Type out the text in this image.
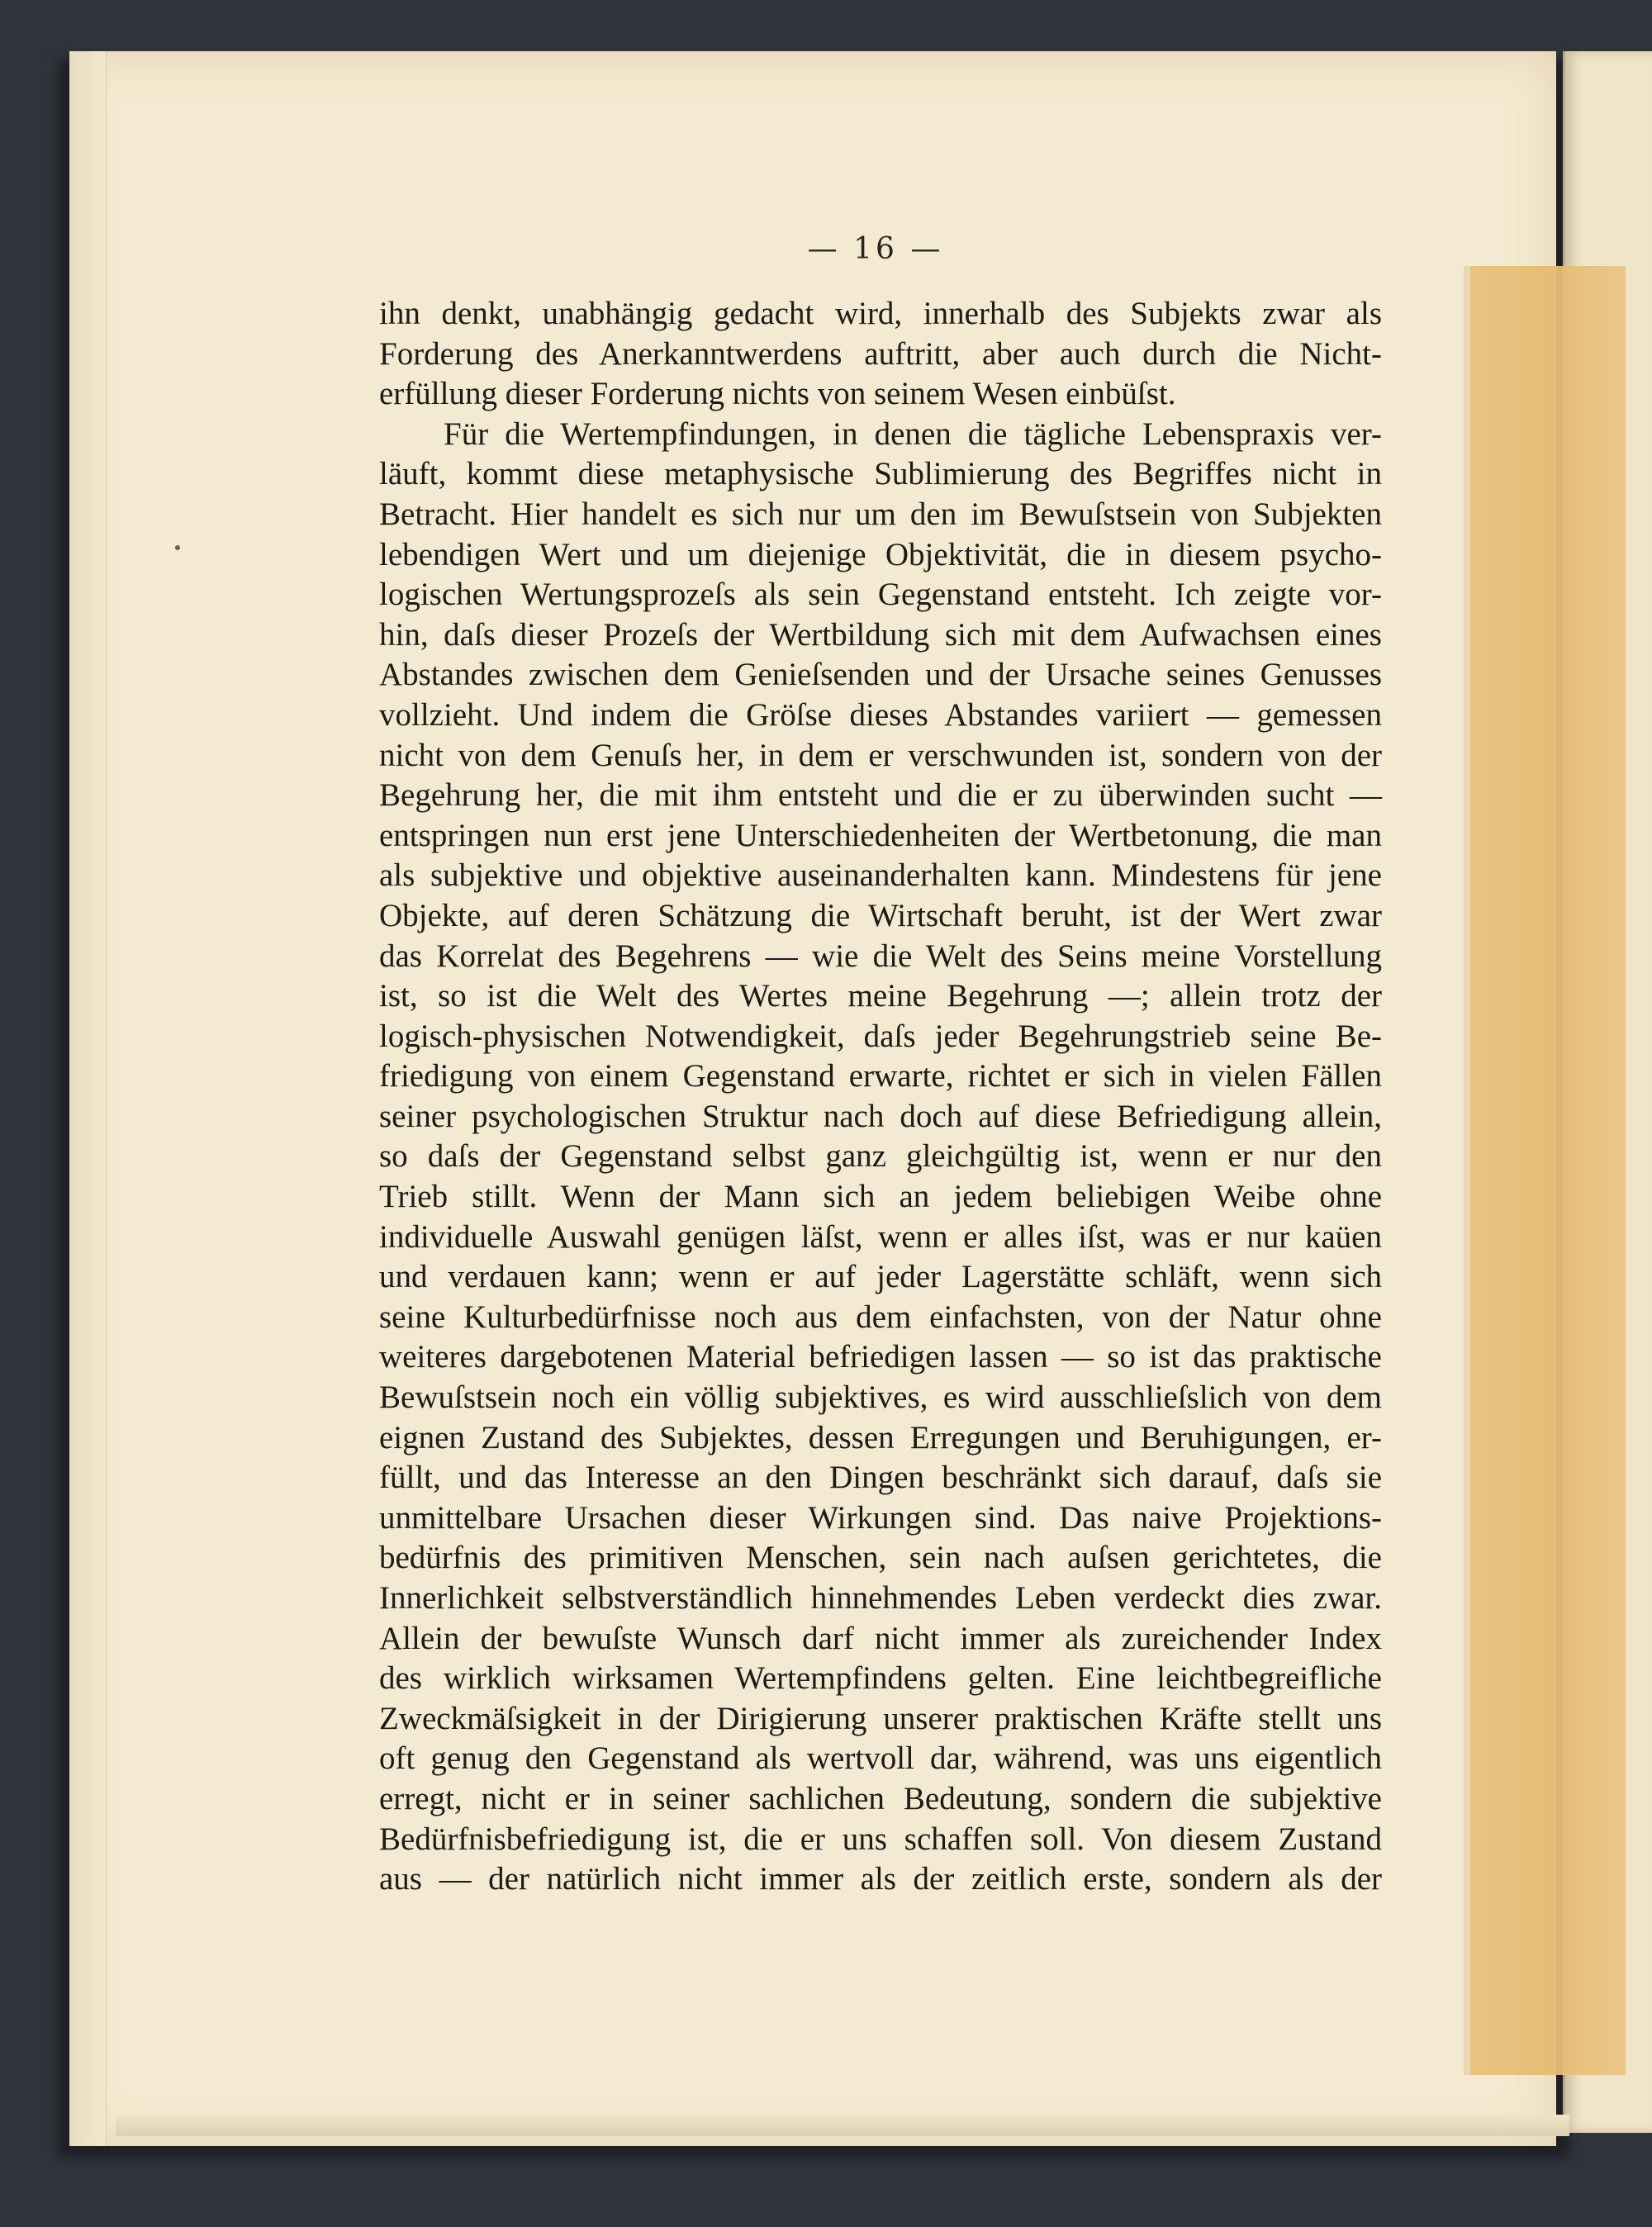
— 16 —
ihn denkt, unabhängig gedacht wird, innerhalb des Subjekts zwar als
Forderung des Anerkanntwerdens auftritt, aber auch durch die Nicht-
erfüllung dieser Forderung nichts von seinem Wesen einbüſst.
Für die Wertempfindungen, in denen die tägliche Lebenspraxis ver-
läuft, kommt diese metaphysische Sublimierung des Begriffes nicht in
Betracht. Hier handelt es sich nur um den im Bewuſstsein von Subjekten
lebendigen Wert und um diejenige Objektivität, die in diesem psycho-
logischen Wertungsprozeſs als sein Gegenstand entsteht. Ich zeigte vor-
hin, daſs dieser Prozeſs der Wertbildung sich mit dem Aufwachsen eines
Abstandes zwischen dem Genieſsenden und der Ursache seines Genusses
vollzieht. Und indem die Gröſse dieses Abstandes variiert — gemessen
nicht von dem Genuſs her, in dem er verschwunden ist, sondern von der
Begehrung her, die mit ihm entsteht und die er zu überwinden sucht —
entspringen nun erst jene Unterschiedenheiten der Wertbetonung, die man
als subjektive und objektive auseinanderhalten kann. Mindestens für jene
Objekte, auf deren Schätzung die Wirtschaft beruht, ist der Wert zwar
das Korrelat des Begehrens — wie die Welt des Seins meine Vorstellung
ist, so ist die Welt des Wertes meine Begehrung —; allein trotz der
logisch-physischen Notwendigkeit, daſs jeder Begehrungstrieb seine Be-
friedigung von einem Gegenstand erwarte, richtet er sich in vielen Fällen
seiner psychologischen Struktur nach doch auf diese Befriedigung allein,
so daſs der Gegenstand selbst ganz gleichgültig ist, wenn er nur den
Trieb stillt. Wenn der Mann sich an jedem beliebigen Weibe ohne
individuelle Auswahl genügen läſst, wenn er alles iſst, was er nur kaüen
und verdauen kann; wenn er auf jeder Lagerstätte schläft, wenn sich
seine Kulturbedürfnisse noch aus dem einfachsten, von der Natur ohne
weiteres dargebotenen Material befriedigen lassen — so ist das praktische
Bewuſstsein noch ein völlig subjektives, es wird ausschlieſslich von dem
eignen Zustand des Subjektes, dessen Erregungen und Beruhigungen, er-
füllt, und das Interesse an den Dingen beschränkt sich darauf, daſs sie
unmittelbare Ursachen dieser Wirkungen sind. Das naive Projektions-
bedürfnis des primitiven Menschen, sein nach auſsen gerichtetes, die
Innerlichkeit selbstverständlich hinnehmendes Leben verdeckt dies zwar.
Allein der bewuſste Wunsch darf nicht immer als zureichender Index
des wirklich wirksamen Wertempfindens gelten. Eine leichtbegreifliche
Zweckmäſsigkeit in der Dirigierung unserer praktischen Kräfte stellt uns
oft genug den Gegenstand als wertvoll dar, während, was uns eigentlich
erregt, nicht er in seiner sachlichen Bedeutung, sondern die subjektive
Bedürfnisbefriedigung ist, die er uns schaffen soll. Von diesem Zustand
aus — der natürlich nicht immer als der zeitlich erste, sondern als der
